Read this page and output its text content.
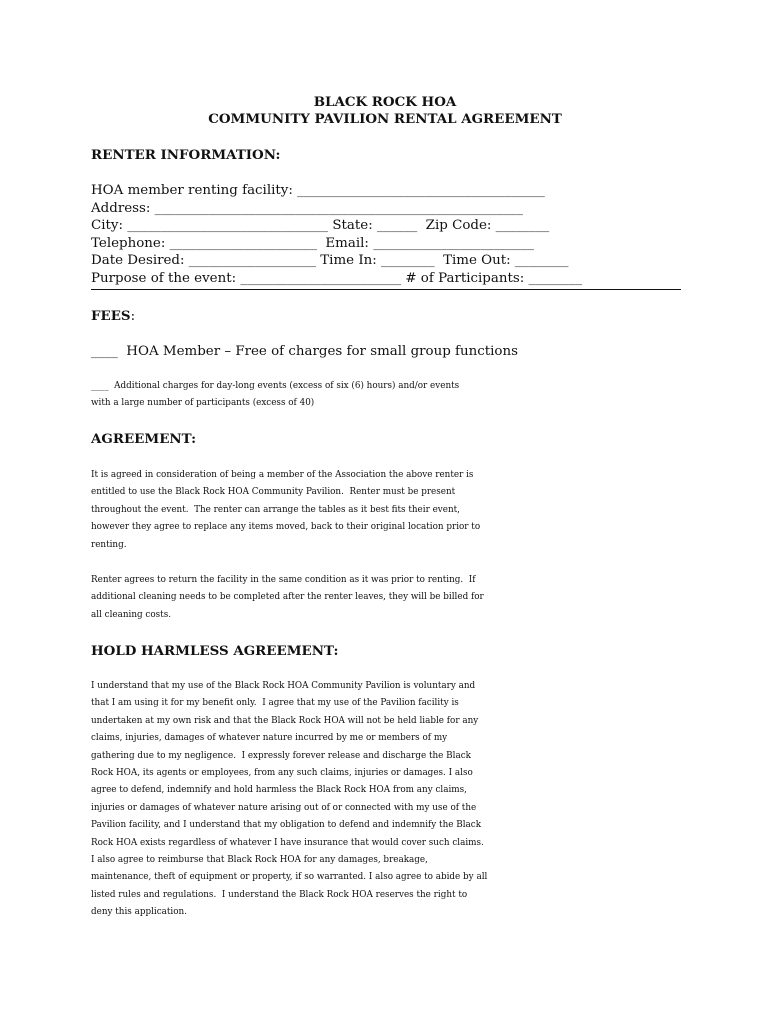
BLACK ROCK HOA
COMMUNITY PAVILION RENTAL AGREEMENT
RENTER INFORMATION:
HOA member renting facility: _____________________________________
Address: _______________________________________________________
City: ______________________________ State: ______  Zip Code: ________
Telephone: ______________________  Email: ________________________
Date Desired: ___________________ Time In: ________  Time Out: ________
Purpose of the event: ________________________ # of Participants: ________
FEES:
____  HOA Member – Free of charges for small group functions
____  Additional charges for day-long events (excess of six (6) hours) and/or events
with a large number of participants (excess of 40)
AGREEMENT:
It is agreed in consideration of being a member of the Association the above renter is
entitled to use the Black Rock HOA Community Pavilion.  Renter must be present
throughout the event.  The renter can arrange the tables as it best fits their event,
however they agree to replace any items moved, back to their original location prior to
renting.
Renter agrees to return the facility in the same condition as it was prior to renting.  If
additional cleaning needs to be completed after the renter leaves, they will be billed for
all cleaning costs.
HOLD HARMLESS AGREEMENT:
I understand that my use of the Black Rock HOA Community Pavilion is voluntary and
that I am using it for my benefit only.  I agree that my use of the Pavilion facility is
undertaken at my own risk and that the Black Rock HOA will not be held liable for any
claims, injuries, damages of whatever nature incurred by me or members of my
gathering due to my negligence.  I expressly forever release and discharge the Black
Rock HOA, its agents or employees, from any such claims, injuries or damages. I also
agree to defend, indemnify and hold harmless the Black Rock HOA from any claims,
injuries or damages of whatever nature arising out of or connected with my use of the
Pavilion facility, and I understand that my obligation to defend and indemnify the Black
Rock HOA exists regardless of whatever I have insurance that would cover such claims.
I also agree to reimburse that Black Rock HOA for any damages, breakage,
maintenance, theft of equipment or property, if so warranted. I also agree to abide by all
listed rules and regulations.  I understand the Black Rock HOA reserves the right to
deny this application.
